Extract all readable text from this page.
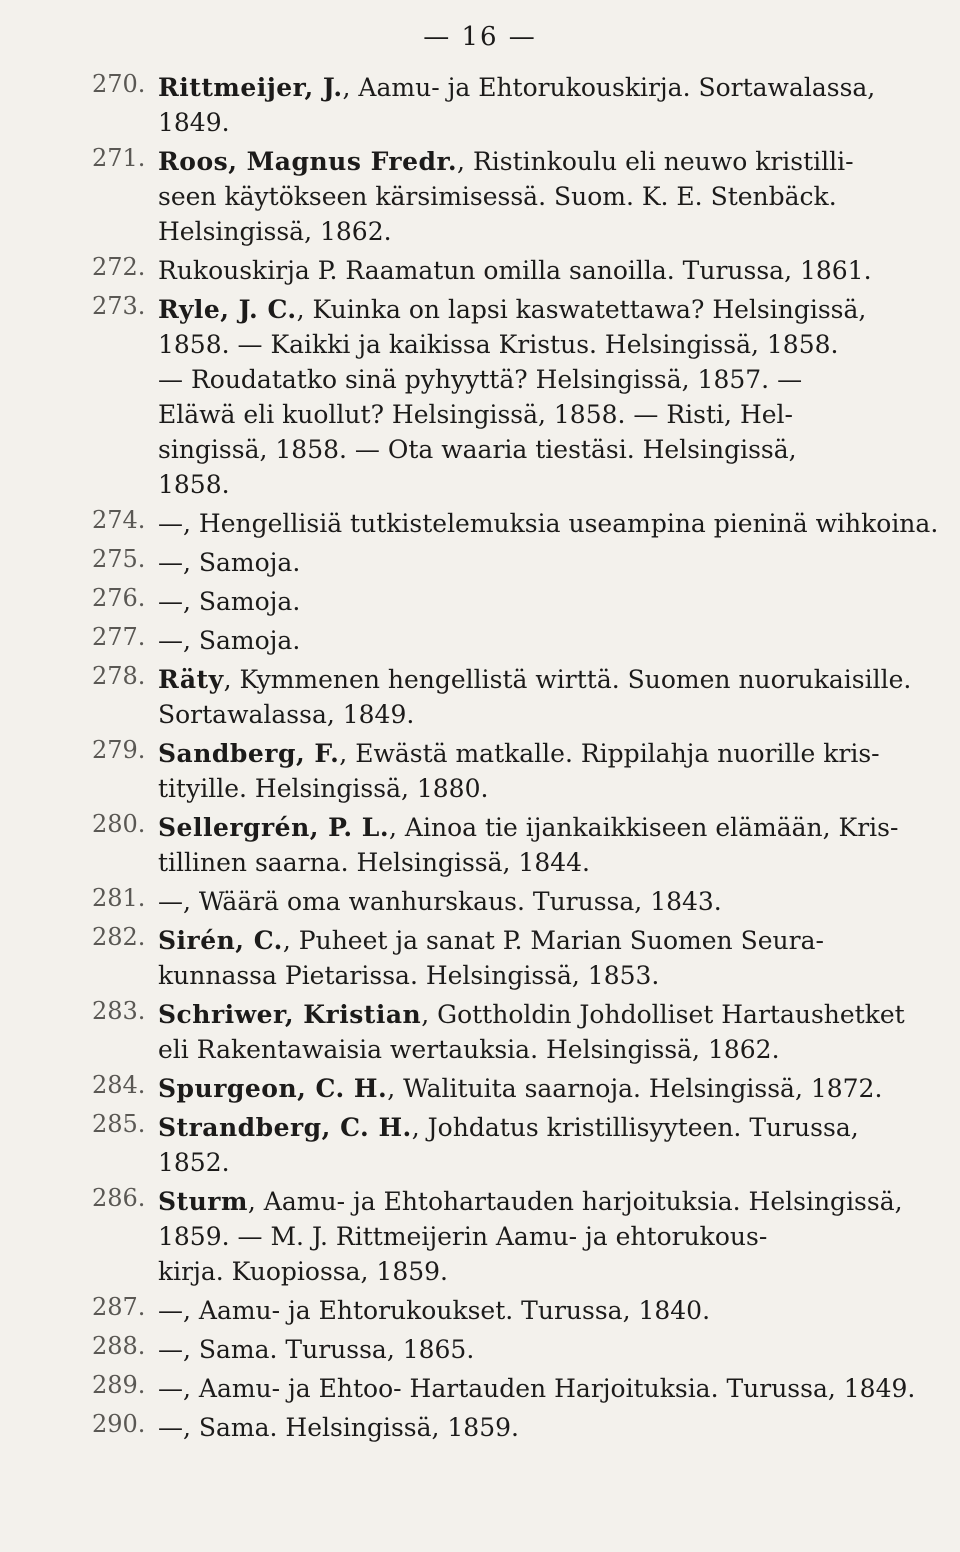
— 16 —
270. Rittmeijer, J., Aamu- ja Ehtorukouskirja. Sortawalassa,
1849.
271. Roos, Magnus Fredr., Ristinkoulu eli neuwo kristilli-
seen käytökseen kärsimisessä. Suom. K. E. Stenbäck.
Helsingissä, 1862.
272. Rukouskirja P. Raamatun omilla sanoilla. Turussa, 1861.
273. Ryle, J. C., Kuinka on lapsi kaswatettawa? Helsingissä,
1858. — Kaikki ja kaikissa Kristus. Helsingissä, 1858.
— Roudatatko sinä pyhyyttä? Helsingissä, 1857. —
Eläwä eli kuollut? Helsingissä, 1858. — Risti, Hel-
singissä, 1858. — Ota waaria tiestäsi. Helsingissä,
1858.
274. —, Hengellisiä tutkistelemuksia useampina pieninä wihkoina.
275. —, Samoja.
276. —, Samoja.
277. —, Samoja.
278. Räty, Kymmenen hengellistä wirttä. Suomen nuorukaisille.
Sortawalassa, 1849.
279. Sandberg, F., Ewästä matkalle. Rippilahja nuorille kris-
tityille. Helsingissä, 1880.
280. Sellergrén, P. L., Ainoa tie ijankaikkiseen elämään, Kris-
tillinen saarna. Helsingissä, 1844.
281. —, Wäärä oma wanhurskaus. Turussa, 1843.
282. Sirén, C., Puheet ja sanat P. Marian Suomen Seura-
kunnassa Pietarissa. Helsingissä, 1853.
283. Schriwer, Kristian, Gottholdin Johdolliset Hartaushetket
eli Rakentawaisia wertauksia. Helsingissä, 1862.
284. Spurgeon, C. H., Walituita saarnoja. Helsingissä, 1872.
285. Strandberg, C. H., Johdatus kristillisyyteen. Turussa,
1852.
286. Sturm, Aamu- ja Ehtohartauden harjoituksia. Helsingissä,
1859. — M. J. Rittmeijerin Aamu- ja ehtorukous-
kirja. Kuopiossa, 1859.
287. —, Aamu- ja Ehtorukoukset. Turussa, 1840.
288. —, Sama. Turussa, 1865.
289. —, Aamu- ja Ehtoo- Hartauden Harjoituksia. Turussa, 1849.
290. —, Sama. Helsingissä, 1859.
